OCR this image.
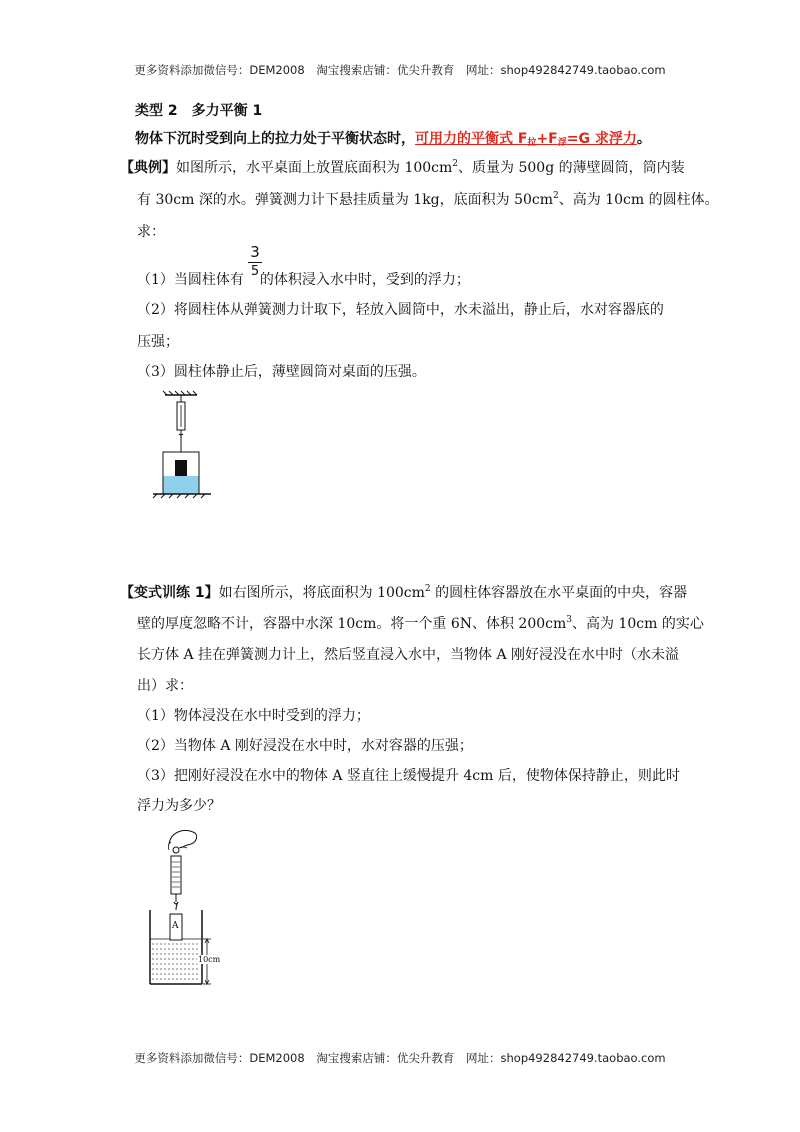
更多资料添加微信号：DEM2008 淘宝搜索店铺：优尖升教育 网址：shop492842749.taobao.com
类型 2　多力平衡 1
物体下沉时受到向上的拉力处于平衡状态时，可用力的平衡式 $F_拉+F_浮=G$ 求浮力。
【典例】如图所示，水平桌面上放置底面积为 $100cm^2$、质量为 500g 的薄壁圆筒，筒内装
有 30cm 深的水。弹簧测力计下悬挂质量为 1kg，底面积为 $50cm^2$、高为 10cm 的圆柱体。
求：
（1）当圆柱体有 的体积浸入水中时，受到的浮力；
3
5
（2）将圆柱体从弹簧测力计取下，轻放入圆筒中，水未溢出，静止后，水对容器底的
压强；
（3）圆柱体静止后，薄壁圆筒对桌面的压强。
【变式训练 1】如右图所示，将底面积为 $100cm^2$ 的圆柱体容器放在水平桌面的中央，容器
壁的厚度忽略不计，容器中水深 10cm。将一个重 6N、体积 $200cm^3$、高为 10cm 的实心
长方体 A 挂在弹簧测力计上，然后竖直浸入水中，当物体 A 刚好浸没在水中时（水未溢
出）求：
（1）物体浸没在水中时受到的浮力；
（2）当物体 A 刚好浸没在水中时，水对容器的压强；
（3）把刚好浸没在水中的物体 A 竖直往上缓慢提升 4cm 后，使物体保持静止，则此时
浮力为多少？
A
10cm
更多资料添加微信号：DEM2008 淘宝搜索店铺：优尖升教育 网址：shop492842749.taobao.com
